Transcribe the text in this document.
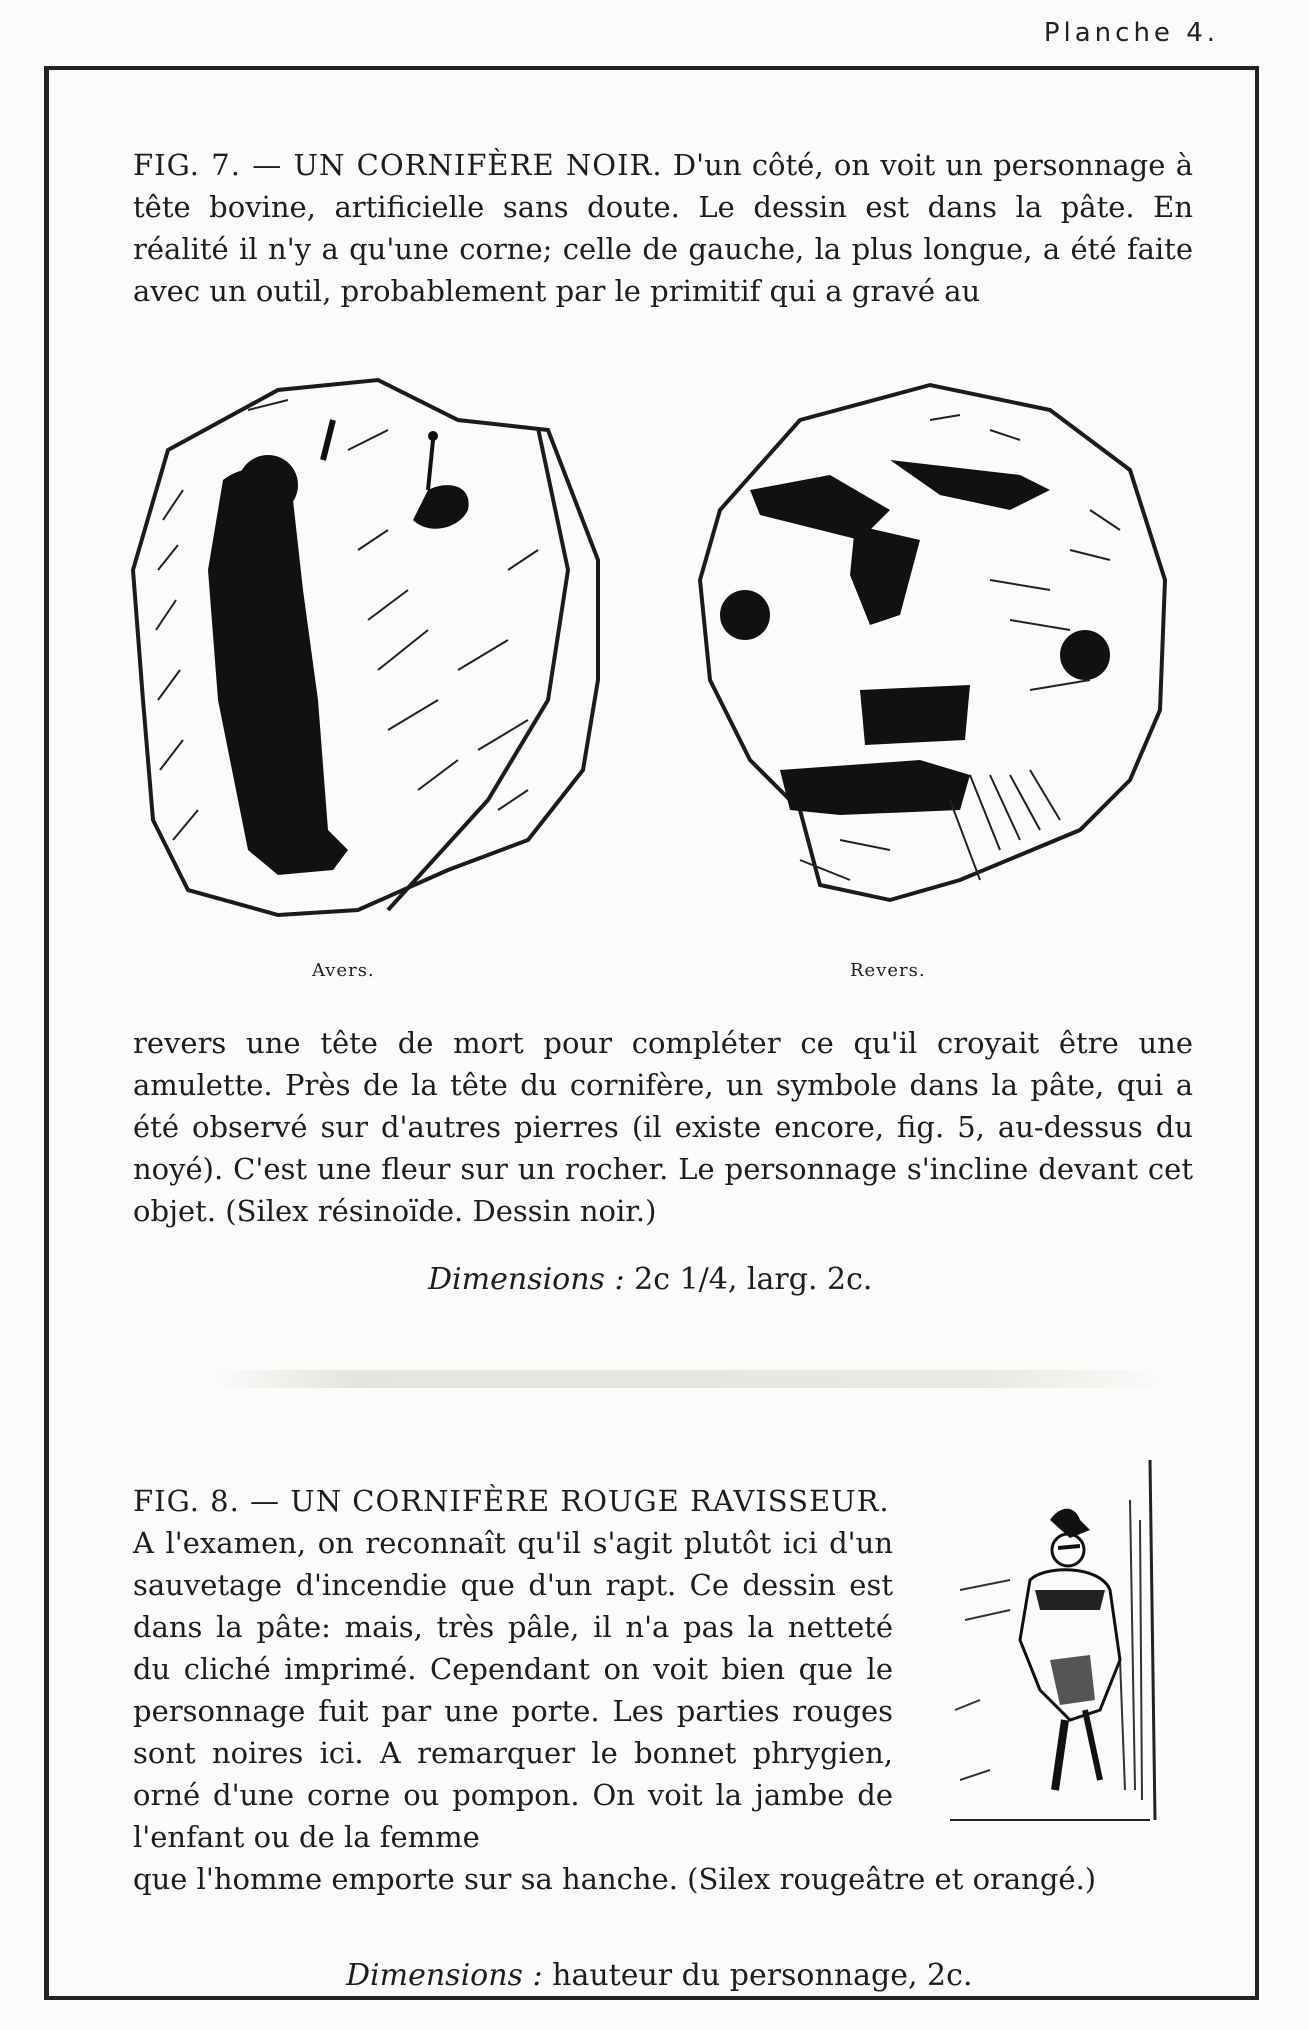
Planche 4.

FIG. 7. — UN CORNIFÈRE NOIR. D'un côté, on voit un personnage à tête bovine, artificielle sans doute. Le dessin est dans la pâte. En réalité il n'y a qu'une corne; celle de gauche, la plus longue, a été faite avec un outil, probablement par le primitif qui a gravé au

Avers.	Revers.

revers une tête de mort pour compléter ce qu'il croyait être une amulette. Près de la tête du cornifère, un symbole dans la pâte, qui a été observé sur d'autres pierres (il existe encore, fig. 5, au-dessus du noyé). C'est une fleur sur un rocher. Le personnage s'incline devant cet objet. (Silex résinoïde. Dessin noir.)

Dimensions : 2c 1/4, larg. 2c.

FIG. 8. — UN CORNIFÈRE ROUGE RAVISSEUR.
A l'examen, on reconnaît qu'il s'agit plutôt ici d'un sauvetage d'incendie que d'un rapt. Ce dessin est dans la pâte: mais, très pâle, il n'a pas la netteté du cliché imprimé. Cependant on voit bien que le personnage fuit par une porte. Les parties rouges sont noires ici. A remarquer le bonnet phrygien, orné d'une corne ou pompon. On voit la jambe de l'enfant ou de la femme

que l'homme emporte sur sa hanche. (Silex rougeâtre et orangé.)

Dimensions : hauteur du personnage, 2c.
